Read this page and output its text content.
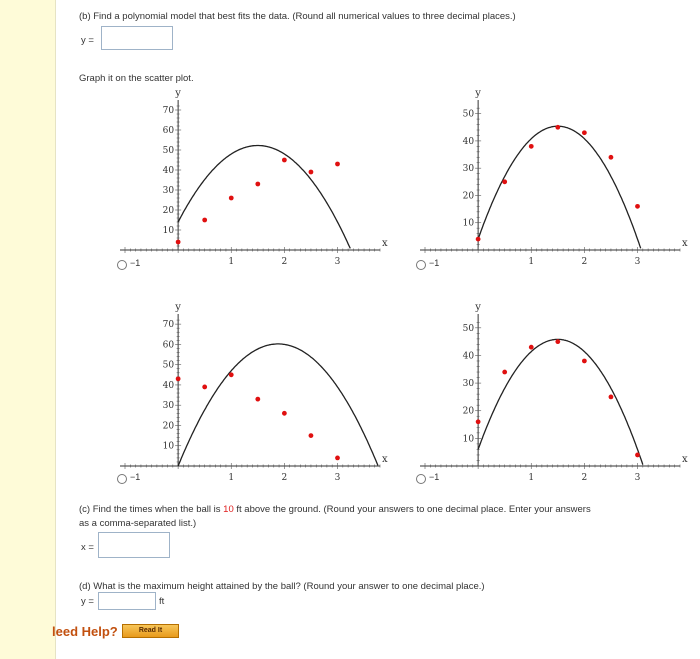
(b) Find a polynomial model that best fits the data. (Round all numerical values to three decimal places.)
y =
Graph it on the scatter plot.
−1	−1
−1	−1
1	2	3
10
20
30
40
50
60
70
x
y
1	2	3
10
20
30
40
50
x
y
1	2	3
10
20
30
40
50
60
70
x
y
1	2	3
10
20
30
40
50
x
y
(c) Find the times when the ball is 10 ft above the ground. (Round your answers to one decimal place. Enter your answers
as a comma-separated list.)
x =
(d) What is the maximum height attained by the ball? (Round your answer to one decimal place.)
y =	ft
leed Help?	Read It
